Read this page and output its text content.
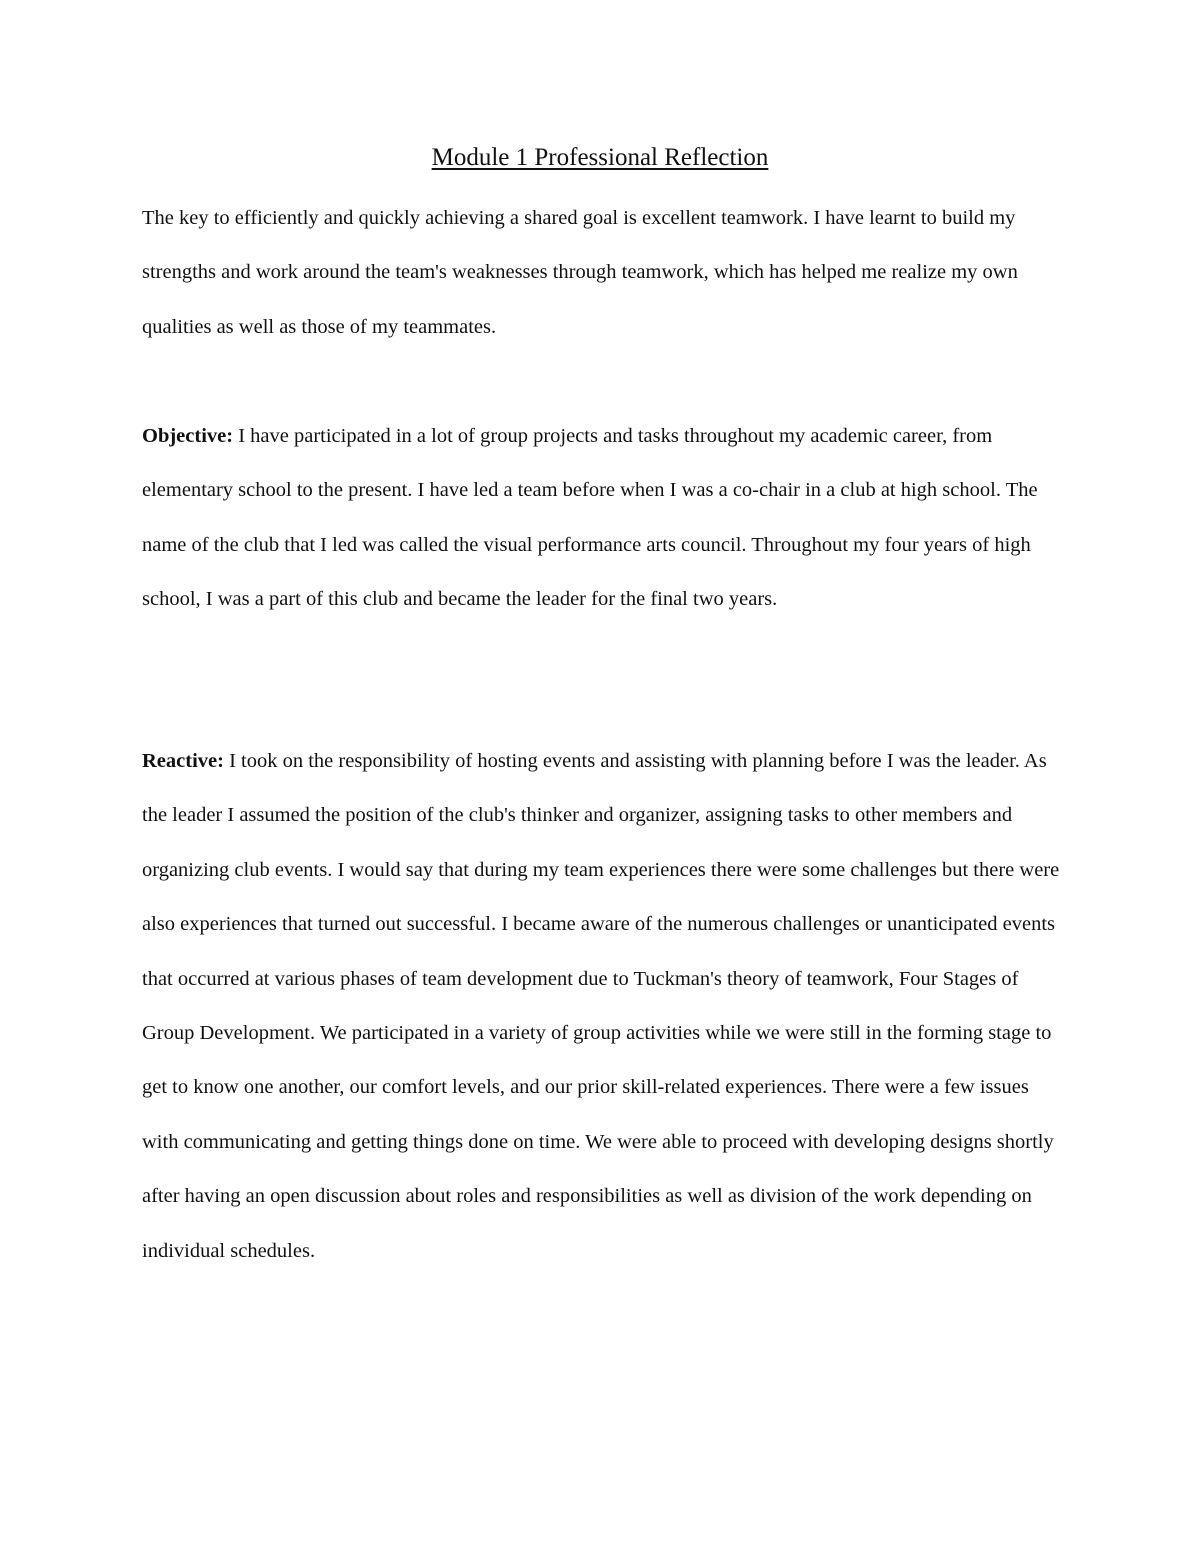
Module 1 Professional Reflection

The key to efficiently and quickly achieving a shared goal is excellent teamwork. I have learnt to build my strengths and work around the team's weaknesses through teamwork, which has helped me realize my own qualities as well as those of my teammates.

Objective: I have participated in a lot of group projects and tasks throughout my academic career, from elementary school to the present. I have led a team before when I was a co-chair in a club at high school. The name of the club that I led was called the visual performance arts council. Throughout my four years of high school, I was a part of this club and became the leader for the final two years.

Reactive: I took on the responsibility of hosting events and assisting with planning before I was the leader. As the leader I assumed the position of the club's thinker and organizer, assigning tasks to other members and organizing club events. I would say that during my team experiences there were some challenges but there were also experiences that turned out successful. I became aware of the numerous challenges or unanticipated events that occurred at various phases of team development due to Tuckman's theory of teamwork, Four Stages of Group Development. We participated in a variety of group activities while we were still in the forming stage to get to know one another, our comfort levels, and our prior skill-related experiences. There were a few issues with communicating and getting things done on time. We were able to proceed with developing designs shortly after having an open discussion about roles and responsibilities as well as division of the work depending on individual schedules.
